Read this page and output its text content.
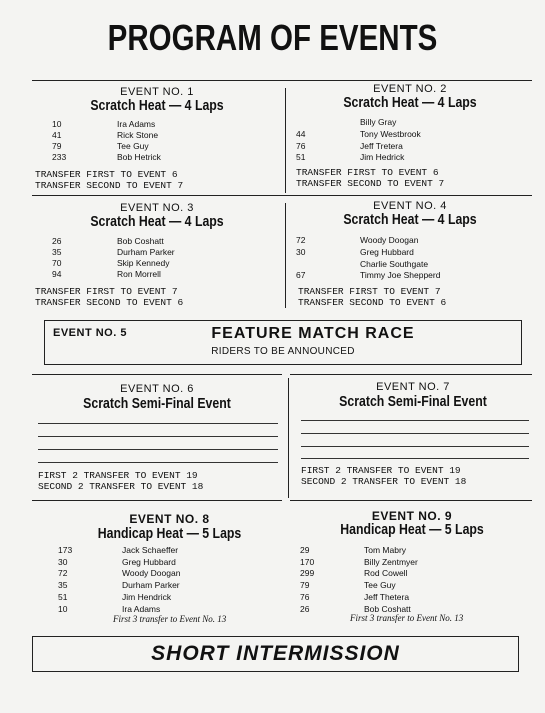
PROGRAM OF EVENTS
EVENT NO. 1
Scratch Heat — 4 Laps
10	Ira Adams
41	Rick Stone
79	Tee Guy
233	Bob Hetrick
TRANSFER FIRST TO EVENT 6
TRANSFER SECOND TO EVENT 7
EVENT NO. 2
Scratch Heat — 4 Laps
Billy Gray
44	Tony Westbrook
76	Jeff Tretera
51	Jim Hedrick
TRANSFER FIRST TO EVENT 6
TRANSFER SECOND TO EVENT 7
EVENT NO. 3
Scratch Heat — 4 Laps
26	Bob Coshatt
35	Durham Parker
70	Skip Kennedy
94	Ron Morrell
TRANSFER FIRST TO EVENT 7
TRANSFER SECOND TO EVENT 6
EVENT NO. 4
Scratch Heat — 4 Laps
72	Woody Doogan
30	Greg Hubbard
Charlie Southgate
67	Timmy Joe Shepperd
TRANSFER FIRST TO EVENT 7
TRANSFER SECOND TO EVENT 6
EVENT NO. 5	FEATURE MATCH RACE
RIDERS TO BE ANNOUNCED
EVENT NO. 6
Scratch Semi-Final Event
FIRST 2 TRANSFER TO EVENT 19
SECOND 2 TRANSFER TO EVENT 18
EVENT NO. 7
Scratch Semi-Final Event
FIRST 2 TRANSFER TO EVENT 19
SECOND 2 TRANSFER TO EVENT 18
EVENT NO. 8
Handicap Heat — 5 Laps
173	Jack Schaeffer
30	Greg Hubbard
72	Woody Doogan
35	Durham Parker
51	Jim Hendrick
10	Ira Adams
First 3 transfer to Event No. 13
EVENT NO. 9
Handicap Heat — 5 Laps
29	Tom Mabry
170	Billy Zentmyer
299	Rod Cowell
79	Tee Guy
76	Jeff Thetera
26	Bob Coshatt
First 3 transfer to Event No. 13
SHORT INTERMISSION
